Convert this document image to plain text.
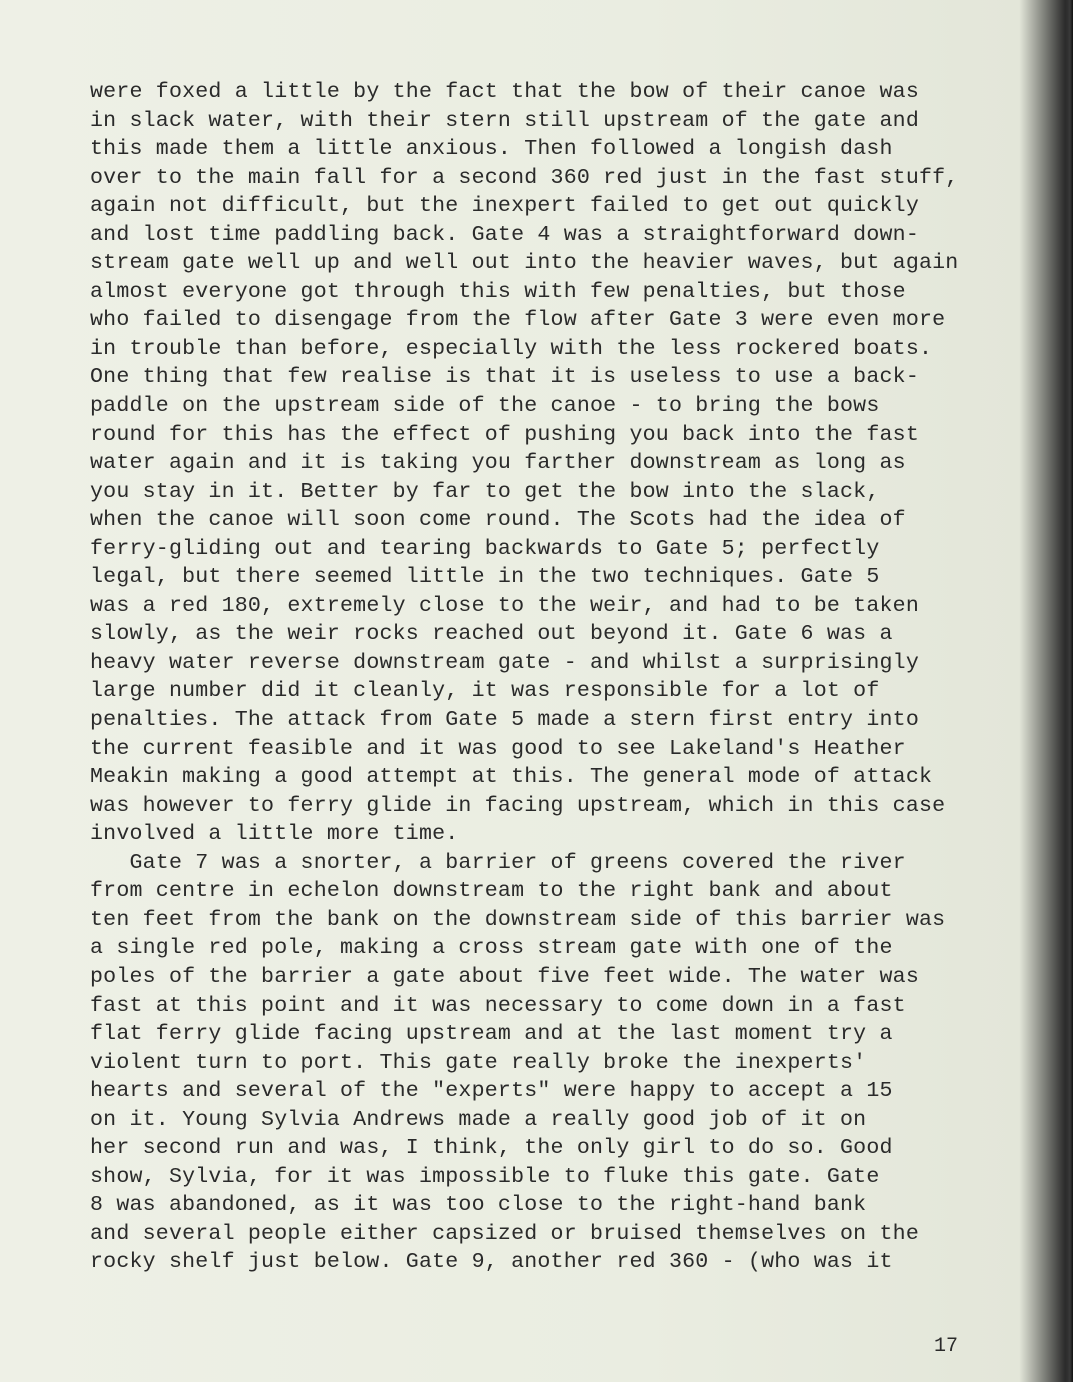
were foxed a little by the fact that the bow of their canoe was
in slack water, with their stern still upstream of the gate and
this made them a little anxious. Then followed a longish dash
over to the main fall for a second 360 red just in the fast stuff,
again not difficult, but the inexpert failed to get out quickly
and lost time paddling back. Gate 4 was a straightforward down-
stream gate well up and well out into the heavier waves, but again
almost everyone got through this with few penalties, but those
who failed to disengage from the flow after Gate 3 were even more
in trouble than before, especially with the less rockered boats.
One thing that few realise is that it is useless to use a back-
paddle on the upstream side of the canoe - to bring the bows
round for this has the effect of pushing you back into the fast
water again and it is taking you farther downstream as long as
you stay in it. Better by far to get the bow into the slack,
when the canoe will soon come round. The Scots had the idea of
ferry-gliding out and tearing backwards to Gate 5; perfectly
legal, but there seemed little in the two techniques. Gate 5
was a red 180, extremely close to the weir, and had to be taken
slowly, as the weir rocks reached out beyond it. Gate 6 was a
heavy water reverse downstream gate - and whilst a surprisingly
large number did it cleanly, it was responsible for a lot of
penalties. The attack from Gate 5 made a stern first entry into
the current feasible and it was good to see Lakeland's Heather
Meakin making a good attempt at this. The general mode of attack
was however to ferry glide in facing upstream, which in this case
involved a little more time.
Gate 7 was a snorter, a barrier of greens covered the river
from centre in echelon downstream to the right bank and about
ten feet from the bank on the downstream side of this barrier was
a single red pole, making a cross stream gate with one of the
poles of the barrier a gate about five feet wide. The water was
fast at this point and it was necessary to come down in a fast
flat ferry glide facing upstream and at the last moment try a
violent turn to port. This gate really broke the inexperts'
hearts and several of the "experts" were happy to accept a 15
on it. Young Sylvia Andrews made a really good job of it on
her second run and was, I think, the only girl to do so. Good
show, Sylvia, for it was impossible to fluke this gate. Gate
8 was abandoned, as it was too close to the right-hand bank
and several people either capsized or bruised themselves on the
rocky shelf just below. Gate 9, another red 360 - (who was it
17
